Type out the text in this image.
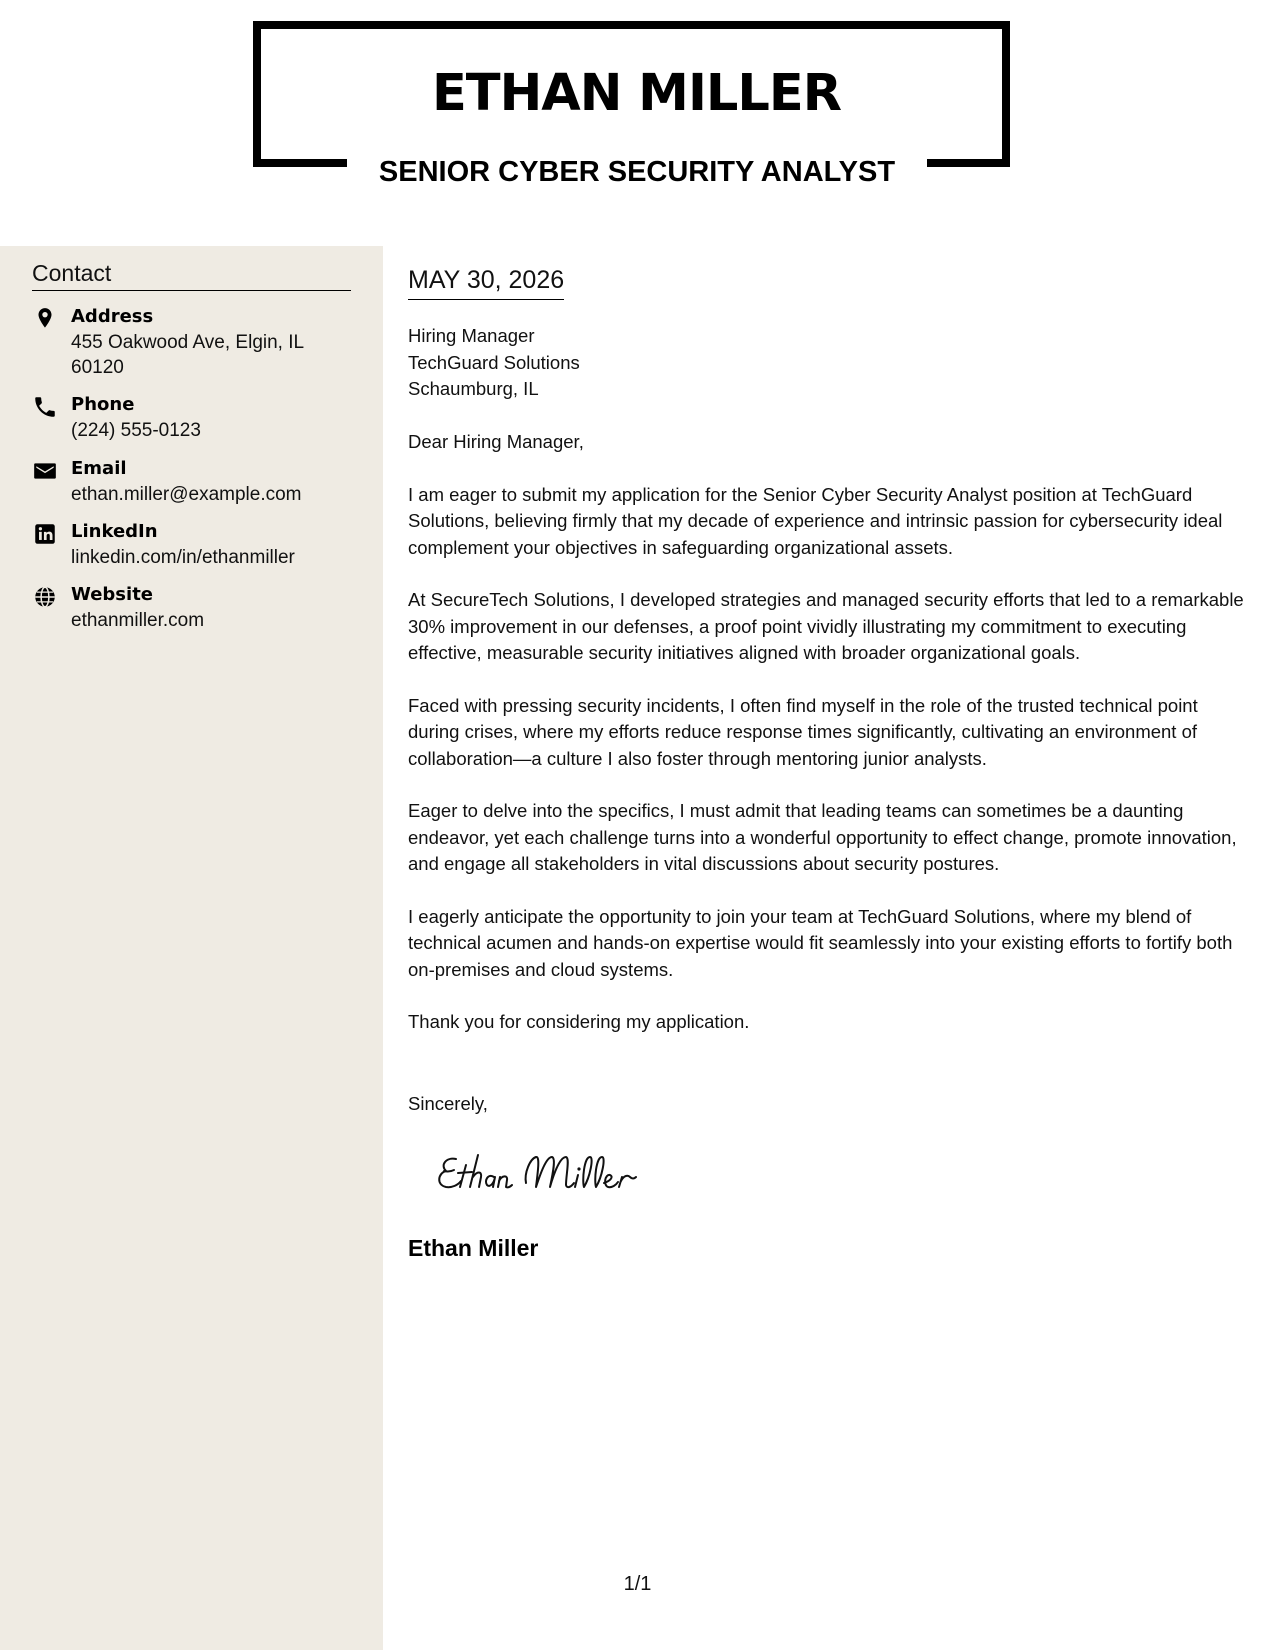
ETHAN MILLER
SENIOR CYBER SECURITY ANALYST
Contact
Address
455 Oakwood Ave, Elgin, IL 60120
Phone
(224) 555-0123
Email
ethan.miller@example.com
LinkedIn
linkedin.com/in/ethanmiller
Website
ethanmiller.com
MAY 30, 2026
Hiring Manager
TechGuard Solutions
Schaumburg, IL

Dear Hiring Manager,

I am eager to submit my application for the Senior Cyber Security Analyst position at TechGuard Solutions, believing firmly that my decade of experience and intrinsic passion for cybersecurity ideal complement your objectives in safeguarding organizational assets.

At SecureTech Solutions, I developed strategies and managed security efforts that led to a remarkable 30% improvement in our defenses, a proof point vividly illustrating my commitment to executing effective, measurable security initiatives aligned with broader organizational goals.

Faced with pressing security incidents, I often find myself in the role of the trusted technical point during crises, where my efforts reduce response times significantly, cultivating an environment of collaboration—a culture I also foster through mentoring junior analysts.

Eager to delve into the specifics, I must admit that leading teams can sometimes be a daunting endeavor, yet each challenge turns into a wonderful opportunity to effect change, promote innovation, and engage all stakeholders in vital discussions about security postures.

I eagerly anticipate the opportunity to join your team at TechGuard Solutions, where my blend of technical acumen and hands-on expertise would fit seamlessly into your existing efforts to fortify both on-premises and cloud systems.

Thank you for considering my application.

Sincerely,

Ethan Miller

1/1
